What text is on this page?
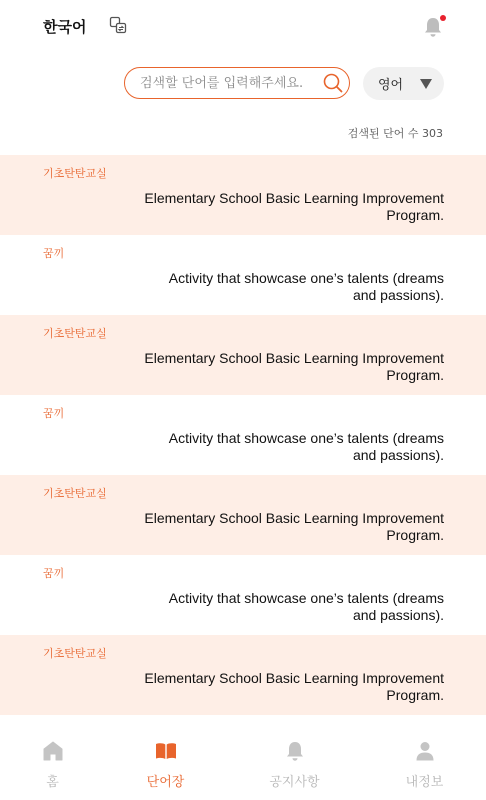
한국어
검색할 단어를 입력해주세요.
영어
검색된 단어 수 303
기초탄탄교실
Elementary School Basic Learning Improvement Program.
꿈끼
Activity that showcase one’s talents (dreams and passions).
기초탄탄교실
Elementary School Basic Learning Improvement Program.
꿈끼
Activity that showcase one’s talents (dreams and passions).
기초탄탄교실
Elementary School Basic Learning Improvement Program.
꿈끼
Activity that showcase one’s talents (dreams and passions).
기초탄탄교실
Elementary School Basic Learning Improvement Program.
홈	단어장	공지사항	내정보
